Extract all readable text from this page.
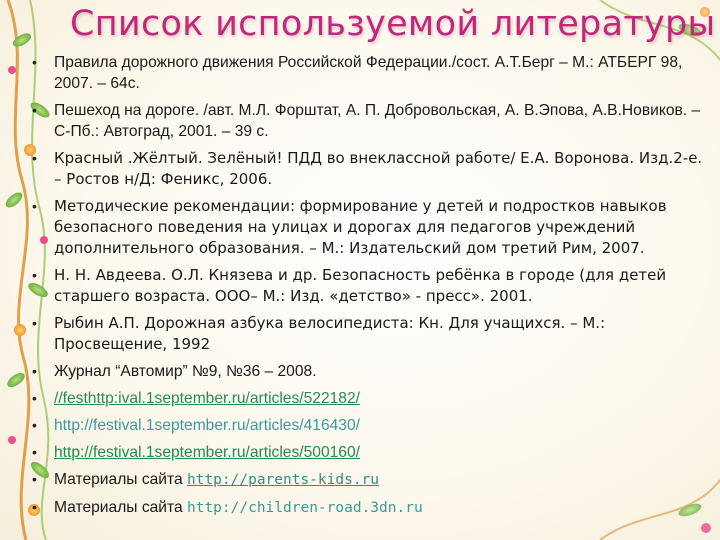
Список используемой литературы
• Правила дорожного движения Российской Федерации./сост. А.Т.Берг – М.: АТБЕРГ 98, 2007. – 64с.
• Пешеход на дороге. /авт. М.Л. Форштат, А. П. Добровольская, А. В.Эпова, А.В.Новиков. – С-Пб.: Автоград, 2001. – 39 с.
• Красный .Жёлтый. Зелёный! ПДД во внеклассной работе/ Е.А. Воронова. Изд.2-е. – Ростов н/Д: Феникс, 2006.
• Методические рекомендации: формирование у детей и подростков навыков безопасного поведения на улицах и дорогах для педагогов учреждений дополнительного образования. – М.: Издательский дом третий Рим, 2007.
• Н. Н. Авдеева. О.Л. Князева и др. Безопасность ребёнка в городе (для детей старшего возраста. ООО– М.: Изд. «детство» - пресс». 2001.
• Рыбин А.П. Дорожная азбука велосипедиста: Кн. Для учащихся. – М.: Просвещение, 1992
• Журнал “Автомир” №9, №36 – 2008.
• //festhttp:ival.1september.ru/articles/522182/
• http://festival.1september.ru/articles/416430/
• http://festival.1september.ru/articles/500160/
• Материалы сайта http://parents-kids.ru
• Материалы сайта http://children-road.3dn.ru
